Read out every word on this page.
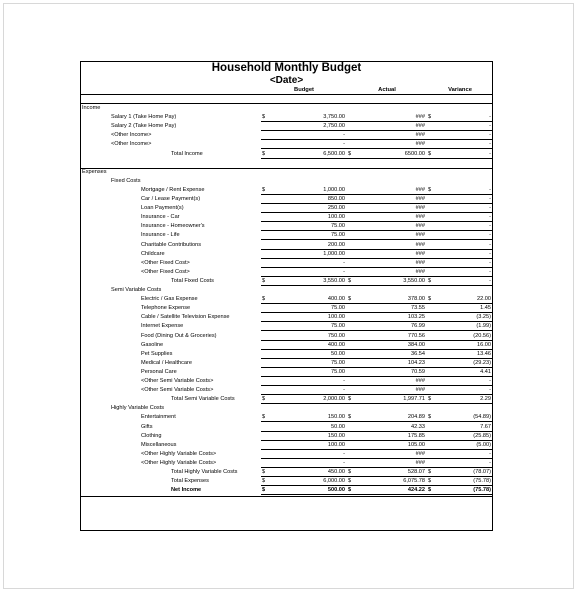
Household Monthly Budget
<Date>
Budget	Actual	Variance
Income
Salary 1 (Take Home Pay)	$	3,750.00	### $	-
Salary 2 (Take Home Pay)	2,750.00	###	-
<Other Income>	-	###	-
<Other Income>	-	###	-
Total Income	$	6,500.00 $	6500.00 $	-
Expenses
Fixed Costs
Mortgage / Rent Expense	$	1,000.00	### $	-
Car / Lease Payment(s)	850.00	###	-
Loan Payment(s)	250.00	###	-
Insurance - Car	100.00	###	-
Insurance - Homeowner's	75.00	###	-
Insurance - Life	75.00	###	-
Charitable Contributions	200.00	###	-
Childcare	1,000.00	###	-
<Other Fixed Cost>	-	###	-
<Other Fixed Cost>	-	###	-
Total Fixed Costs	$	3,550.00 $	3,550.00 $	-
Semi Variable Costs
Electric / Gas Expense	$	400.00 $	378.00 $	22.00
Telephone Expense	75.00	73.55	1.45
Cable / Satellite Television Expense	100.00	103.25	(3.25)
Internet Expense	75.00	76.99	(1.99)
Food (Dining Out & Groceries)	750.00	770.56	(20.56)
Gasoline	400.00	384.00	16.00
Pet Supplies	50.00	36.54	13.46
Medical / Healthcare	75.00	104.23	(29.23)
Personal Care	75.00	70.59	4.41
<Other Semi Variable Costs>	-	###	-
<Other Semi Variable Costs>	-	###	-
Total Semi Variable Costs	$	2,000.00 $	1,997.71 $	2.29
Highly Variable Costs
Entertainment	$	150.00 $	204.89 $	(54.89)
Gifts	50.00	42.33	7.67
Clothing	150.00	175.85	(25.85)
Miscellaneous	100.00	105.00	(5.00)
<Other Highly Variable Costs>	-	###	-
<Other Highly Variable Costs>	-	###	-
Total Highly Variable Costs	$	450.00 $	528.07 $	(78.07)
Total Expenses	$	6,000.00 $	6,075.78 $	(75.78)
Net Income	$	500.00 $	424.22 $	(75.78)
